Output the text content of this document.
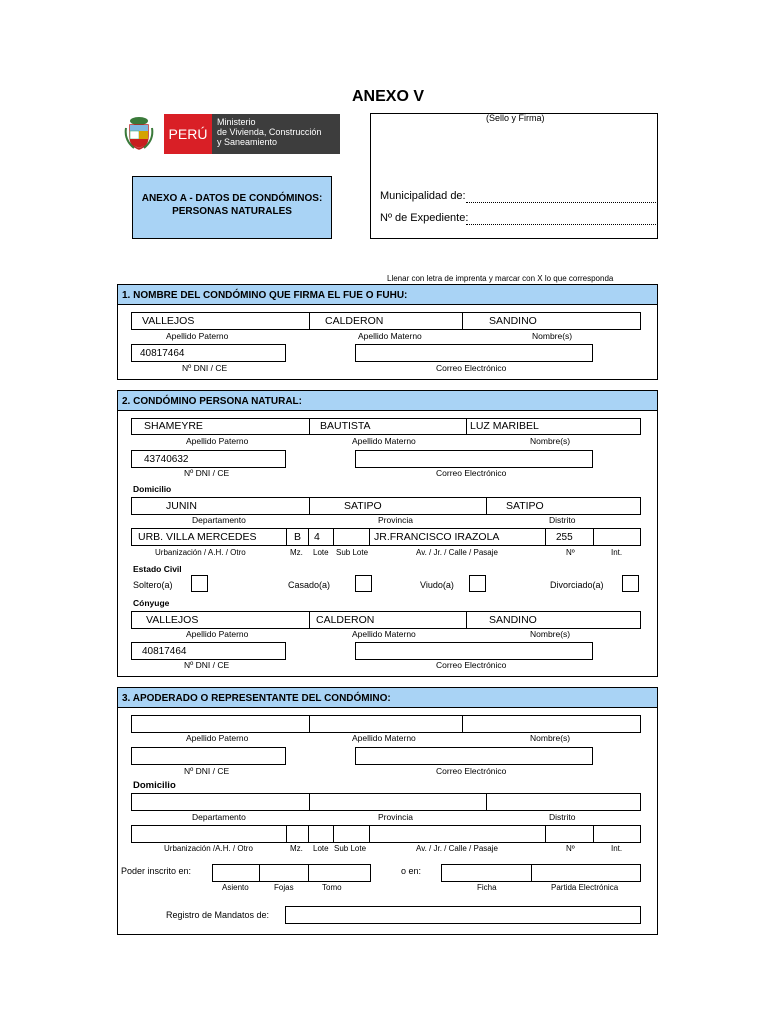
ANEXO V
PERÚ
Ministerio
de Vivienda, Construcción
y Saneamiento
ANEXO A - DATOS DE CONDÓMINOS:
PERSONAS NATURALES
(Sello y Firma)
Municipalidad de:
Nº de Expediente:
Llenar con letra de imprenta y marcar con X lo que corresponda
1. NOMBRE DEL CONDÓMINO QUE FIRMA EL FUE O FUHU:
VALLEJOS	CALDERON	SANDINO
Apellido Paterno	Apellido Materno	Nombre(s)
40817464
Nº DNI / CE	Correo Electrónico
2. CONDÓMINO PERSONA NATURAL:
SHAMEYRE	BAUTISTA	LUZ MARIBEL
Apellido Paterno	Apellido Materno	Nombre(s)
43740632
Nº DNI / CE	Correo Electrónico
Domicilio
JUNIN	SATIPO	SATIPO
Departamento	Provincia	Distrito
URB. VILLA MERCEDES	B 4	JR.FRANCISCO IRAZOLA	255
Urbanización / A.H. / Otro	Mz. Lote Sub Lote	Av. / Jr. / Calle / Pasaje	Nº	Int.
Estado Civil
Soltero(a)	Casado(a)	Viudo(a)	Divorciado(a)
Cónyuge
VALLEJOS	CALDERON	SANDINO
Apellido Paterno	Apellido Materno	Nombre(s)
40817464
Nº DNI / CE	Correo Electrónico
3. APODERADO O REPRESENTANTE DEL CONDÓMINO:
Apellido Paterno	Apellido Materno	Nombre(s)
Nº DNI / CE	Correo Electrónico
Domicilio
Departamento	Provincia	Distrito
Urbanización /A.H. / Otro	Mz. Lote Sub Lote	Av. / Jr. / Calle / Pasaje	Nº	Int.
Poder inscrito en:
Asiento	Fojas	Tomo
o en:
Ficha	Partida Electrónica
Registro de Mandatos de:
